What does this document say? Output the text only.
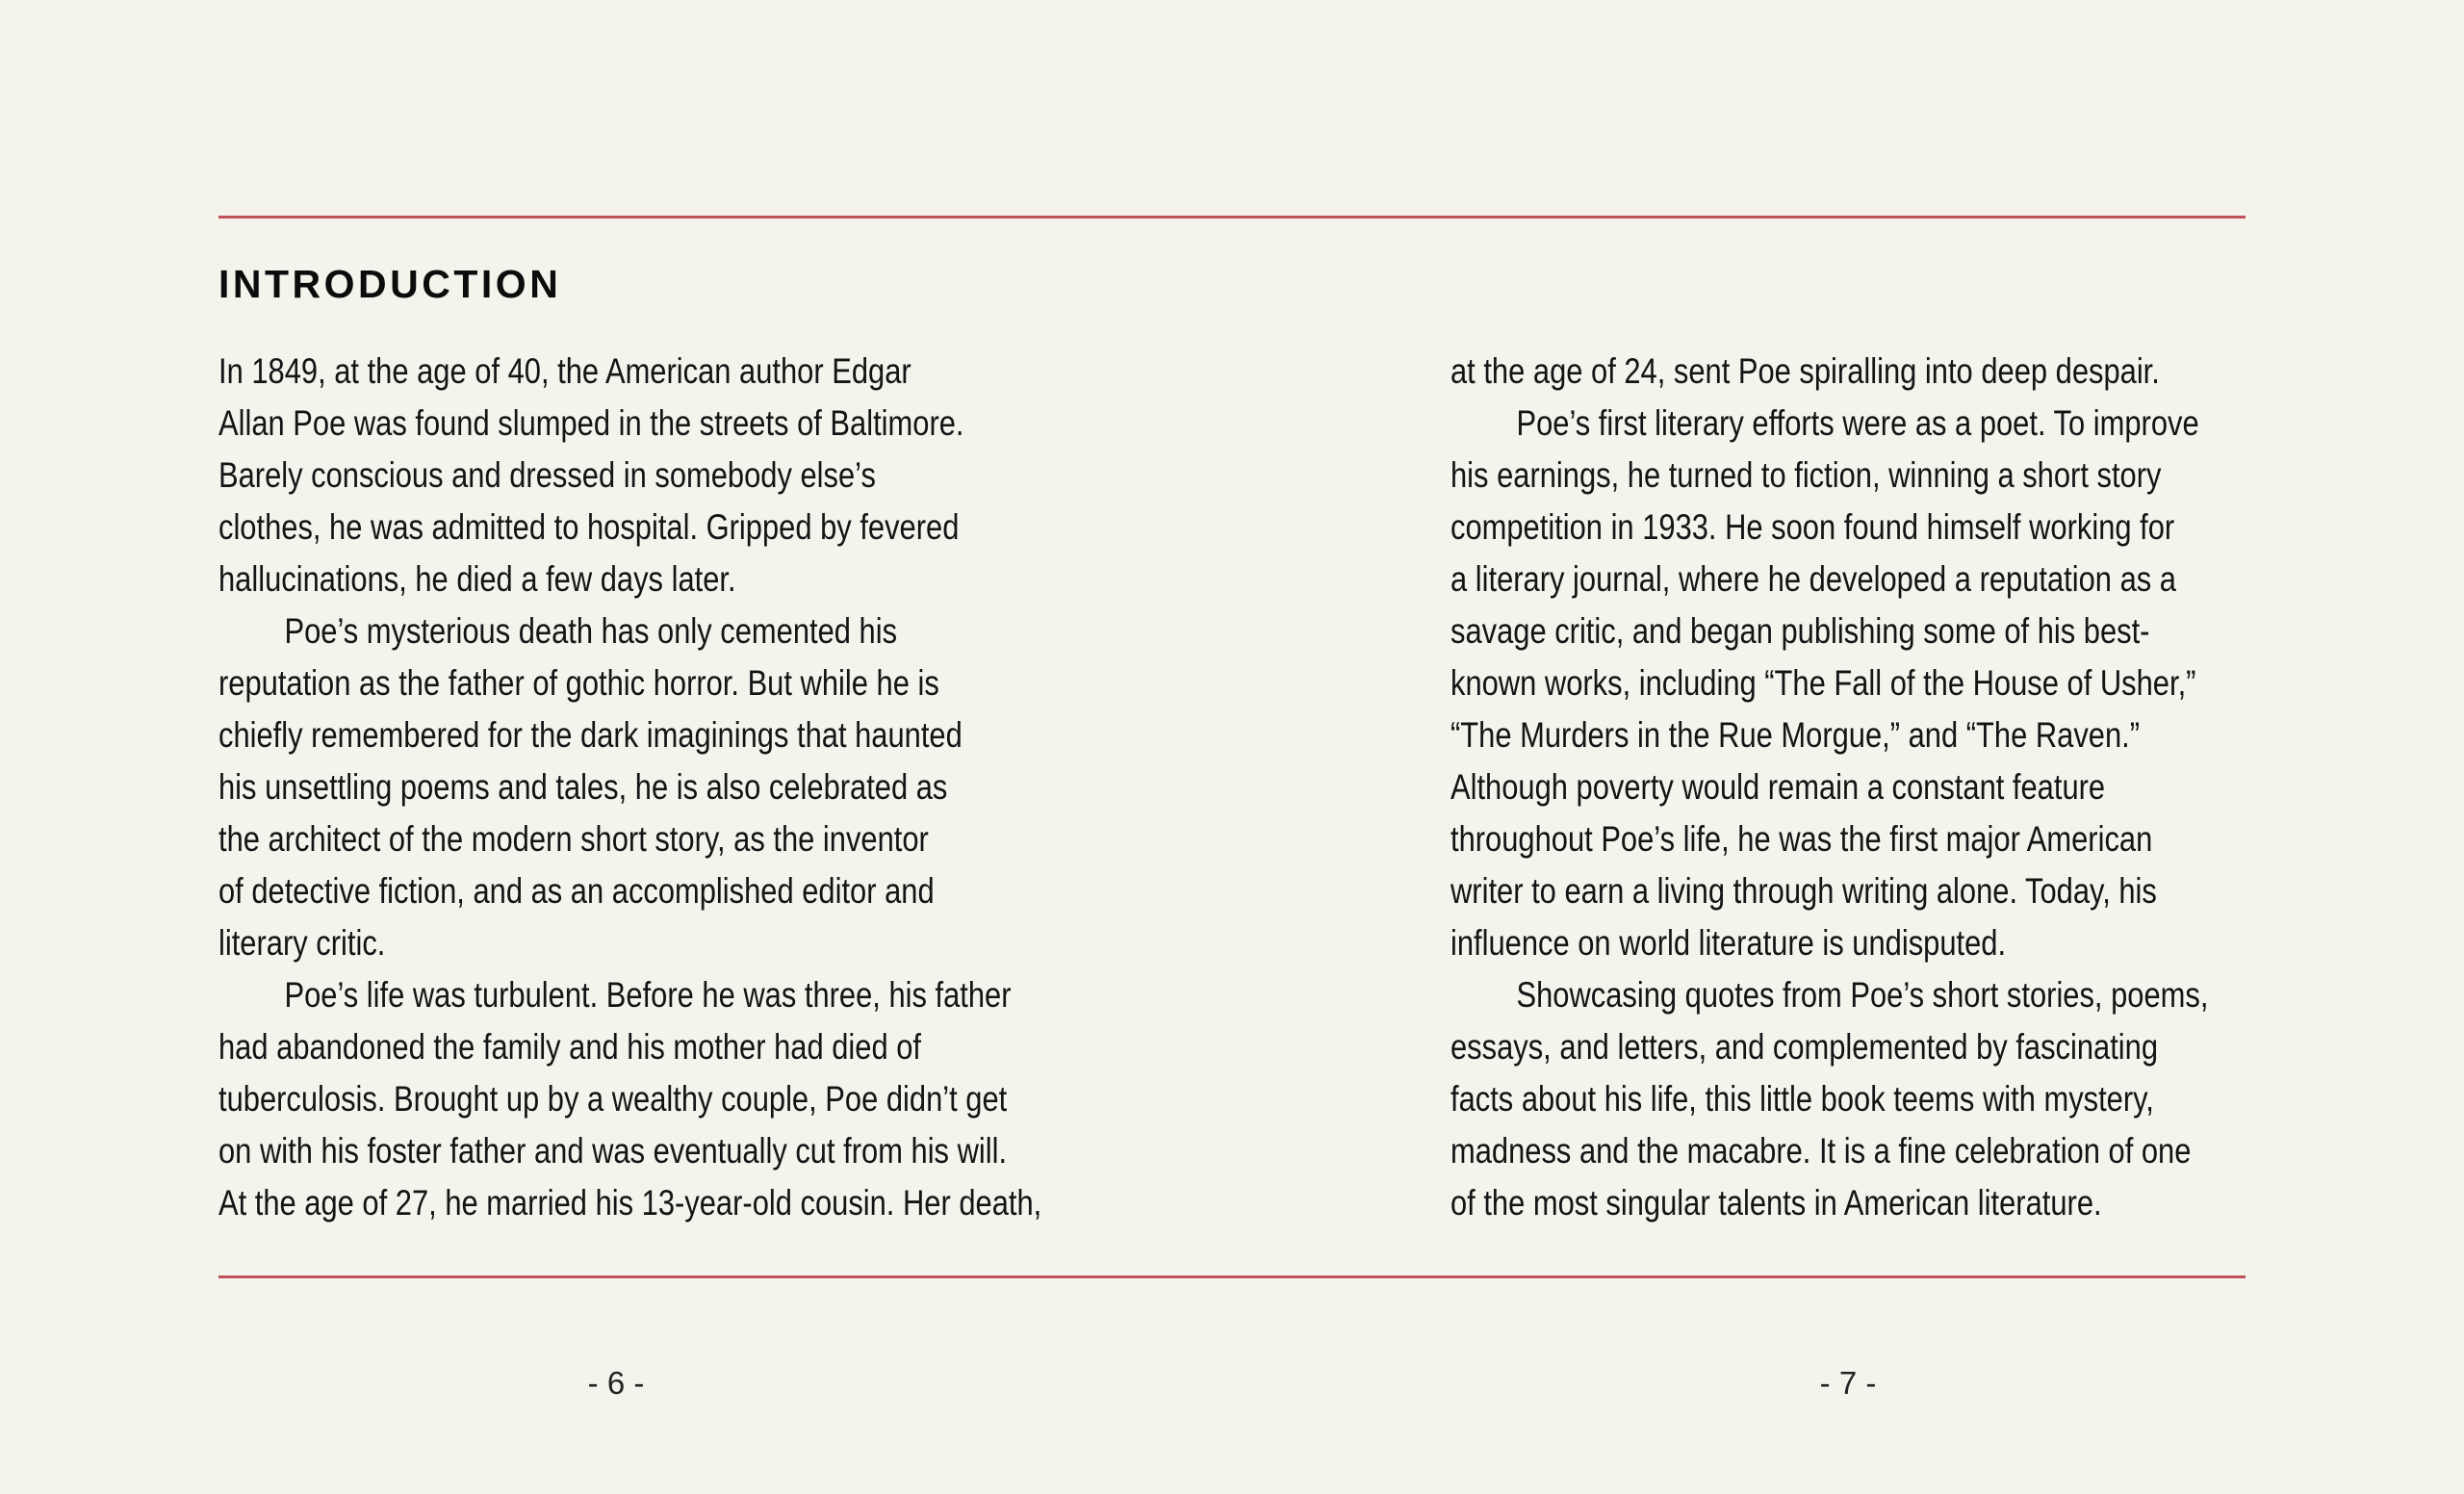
INTRODUCTION
In 1849, at the age of 40, the American author Edgar
Allan Poe was found slumped in the streets of Baltimore.
Barely conscious and dressed in somebody else’s
clothes, he was admitted to hospital. Gripped by fevered
hallucinations, he died a few days later.
Poe’s mysterious death has only cemented his
reputation as the father of gothic horror. But while he is
chiefly remembered for the dark imaginings that haunted
his unsettling poems and tales, he is also celebrated as
the architect of the modern short story, as the inventor
of detective fiction, and as an accomplished editor and
literary critic.
Poe’s life was turbulent. Before he was three, his father
had abandoned the family and his mother had died of
tuberculosis. Brought up by a wealthy couple, Poe didn’t get
on with his foster father and was eventually cut from his will.
At the age of 27, he married his 13-year-old cousin. Her death,
at the age of 24, sent Poe spiralling into deep despair.
Poe’s first literary efforts were as a poet. To improve
his earnings, he turned to fiction, winning a short story
competition in 1933. He soon found himself working for
a literary journal, where he developed a reputation as a
savage critic, and began publishing some of his best-
known works, including “The Fall of the House of Usher,”
“The Murders in the Rue Morgue,” and “The Raven.”
Although poverty would remain a constant feature
throughout Poe’s life, he was the first major American
writer to earn a living through writing alone. Today, his
influence on world literature is undisputed.
Showcasing quotes from Poe’s short stories, poems,
essays, and letters, and complemented by fascinating
facts about his life, this little book teems with mystery,
madness and the macabre. It is a fine celebration of one
of the most singular talents in American literature.
- 6 -	- 7 -
